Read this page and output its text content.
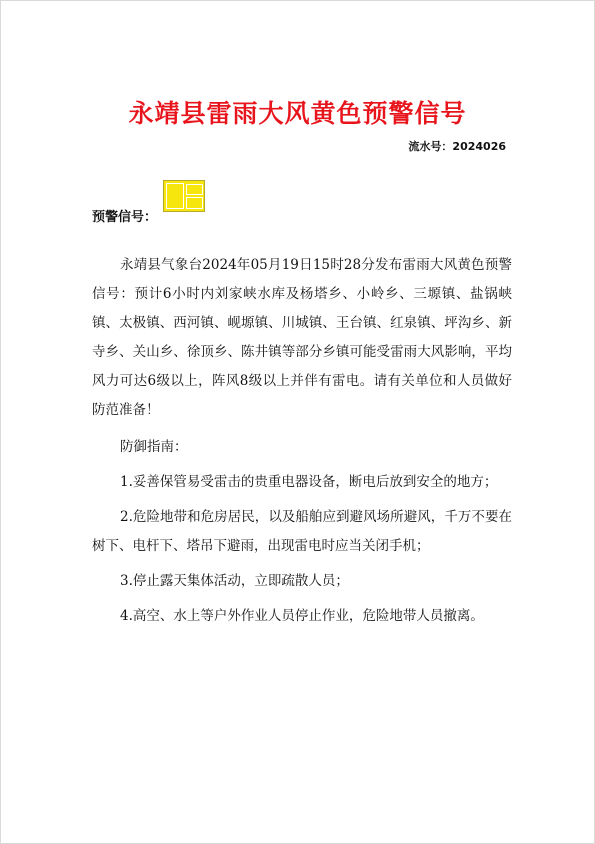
永靖县雷雨大风黄色预警信号
流水号：2024026
预警信号：

永靖县气象台2024年05月19日15时28分发布雷雨大风黄色预警信号：预计6小时内刘家峡水库及杨塔乡、小岭乡、三塬镇、盐锅峡镇、太极镇、西河镇、岘塬镇、川城镇、王台镇、红泉镇、坪沟乡、新寺乡、关山乡、徐顶乡、陈井镇等部分乡镇可能受雷雨大风影响，平均风力可达6级以上，阵风8级以上并伴有雷电。请有关单位和人员做好防范准备！

防御指南：

1.妥善保管易受雷击的贵重电器设备，断电后放到安全的地方；
2.危险地带和危房居民，以及船舶应到避风场所避风，千万不要在树下、电杆下、塔吊下避雨，出现雷电时应当关闭手机；
3.停止露天集体活动，立即疏散人员；
4.高空、水上等户外作业人员停止作业，危险地带人员撤离。
